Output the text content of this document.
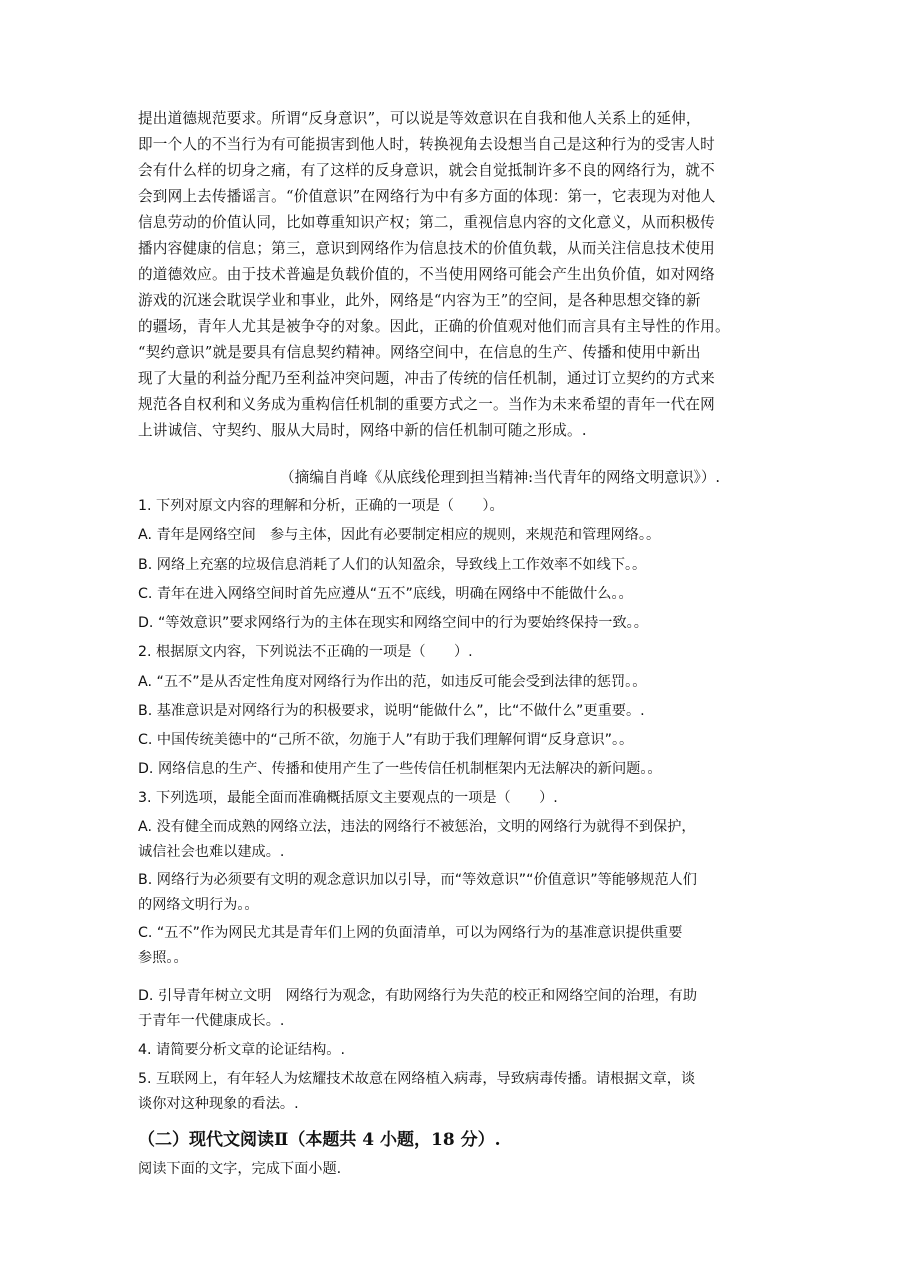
提出道德规范要求。所谓“反身意识”，可以说是等效意识在自我和他人关系上的延伸，
即一个人的不当行为有可能损害到他人时，转换视角去设想当自己是这种行为的受害人时
会有什么样的切身之痛，有了这样的反身意识，就会自觉抵制许多不良的网络行为，就不
会到网上去传播谣言。“价值意识”在网络行为中有多方面的体现：第一，它表现为对他人
信息劳动的价值认同，比如尊重知识产权；第二，重视信息内容的文化意义，从而积极传
播内容健康的信息；第三，意识到网络作为信息技术的价值负载，从而关注信息技术使用
的道德效应。由于技术普遍是负载价值的，不当使用网络可能会产生出负价值，如对网络
游戏的沉迷会耽误学业和事业，此外，网络是“内容为王”的空间，是各种思想交锋的新
的疆场，青年人尤其是被争夺的对象。因此，正确的价值观对他们而言具有主导性的作用。
“契约意识”就是要具有信息契约精神。网络空间中，在信息的生产、传播和使用中新出
现了大量的利益分配乃至利益冲突问题，冲击了传统的信任机制，通过订立契约的方式来
规范各自权利和义务成为重构信任机制的重要方式之一。当作为未来希望的青年一代在网
上讲诚信、守契约、服从大局时，网络中新的信任机制可随之形成。.
（摘编自肖峰《从底线伦理到担当精神:当代青年的网络文明意识》）.
1. 下列对原文内容的理解和分析，正确的一项是（　　）。
A. 青年是网络空间　参与主体，因此有必要制定相应的规则，来规范和管理网络。。
B. 网络上充塞的垃圾信息消耗了人们的认知盈余，导致线上工作效率不如线下。。
C. 青年在进入网络空间时首先应遵从“五不”底线，明确在网络中不能做什么。。
D. “等效意识”要求网络行为的主体在现实和网络空间中的行为要始终保持一致。。
2. 根据原文内容，下列说法不正确的一项是（　　）.
A. “五不”是从否定性角度对网络行为作出的范，如违反可能会受到法律的惩罚。。
B. 基准意识是对网络行为的积极要求，说明“能做什么”，比“不做什么”更重要。.
C. 中国传统美德中的“己所不欲，勿施于人”有助于我们理解何谓“反身意识”。。
D. 网络信息的生产、传播和使用产生了一些传信任机制框架内无法解决的新问题。。
3. 下列选项，最能全面而准确概括原文主要观点的一项是（　　）.
A. 没有健全而成熟的网络立法，违法的网络行不被惩治，文明的网络行为就得不到保护，
诚信社会也难以建成。.
B. 网络行为必须要有文明的观念意识加以引导，而“等效意识”“价值意识”等能够规范人们
的网络文明行为。。
C. “五不”作为网民尤其是青年们上网的负面清单，可以为网络行为的基准意识提供重要
参照。。
D. 引导青年树立文明　网络行为观念，有助网络行为失范的校正和网络空间的治理，有助
于青年一代健康成长。.
4. 请简要分析文章的论证结构。.
5. 互联网上，有年轻人为炫耀技术故意在网络植入病毒，导致病毒传播。请根据文章，谈
谈你对这种现象的看法。.
（二）现代文阅读Ⅱ（本题共 4 小题，18 分）.
阅读下面的文字，完成下面小题.
